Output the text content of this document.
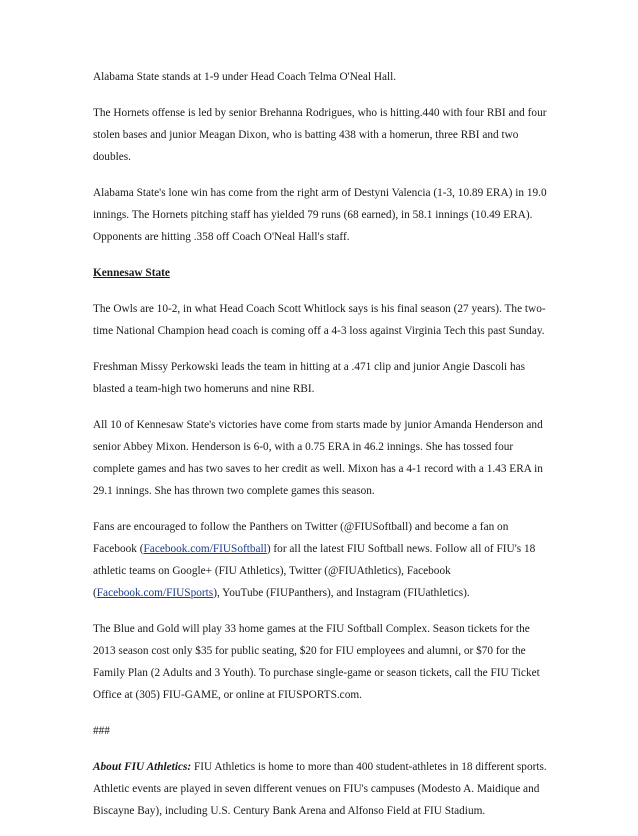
Alabama State stands at 1-9 under Head Coach Telma O'Neal Hall.

The Hornets offense is led by senior Brehanna Rodrigues, who is hitting.440 with four RBI and four stolen bases and junior Meagan Dixon, who is batting 438 with a homerun, three RBI and two doubles.

Alabama State's lone win has come from the right arm of Destyni Valencia (1-3, 10.89 ERA) in 19.0 innings. The Hornets pitching staff has yielded 79 runs (68 earned), in 58.1 innings (10.49 ERA). Opponents are hitting .358 off Coach O'Neal Hall's staff.

Kennesaw State

The Owls are 10-2, in what Head Coach Scott Whitlock says is his final season (27 years). The two-time National Champion head coach is coming off a 4-3 loss against Virginia Tech this past Sunday.

Freshman Missy Perkowski leads the team in hitting at a .471 clip and junior Angie Dascoli has blasted a team-high two homeruns and nine RBI.

All 10 of Kennesaw State's victories have come from starts made by junior Amanda Henderson and senior Abbey Mixon. Henderson is 6-0, with a 0.75 ERA in 46.2 innings. She has tossed four complete games and has two saves to her credit as well. Mixon has a 4-1 record with a 1.43 ERA in 29.1 innings. She has thrown two complete games this season.

Fans are encouraged to follow the Panthers on Twitter (@FIUSoftball) and become a fan on Facebook (Facebook.com/FIUSoftball) for all the latest FIU Softball news. Follow all of FIU's 18 athletic teams on Google+ (FIU Athletics), Twitter (@FIUAthletics), Facebook (Facebook.com/FIUSports), YouTube (FIUPanthers), and Instagram (FIUathletics).

The Blue and Gold will play 33 home games at the FIU Softball Complex. Season tickets for the 2013 season cost only $35 for public seating, $20 for FIU employees and alumni, or $70 for the Family Plan (2 Adults and 3 Youth). To purchase single-game or season tickets, call the FIU Ticket Office at (305) FIU-GAME, or online at FIUSPORTS.com.

###

About FIU Athletics: FIU Athletics is home to more than 400 student-athletes in 18 different sports. Athletic events are played in seven different venues on FIU's campuses (Modesto A. Maidique and Biscayne Bay), including U.S. Century Bank Arena and Alfonso Field at FIU Stadium.
